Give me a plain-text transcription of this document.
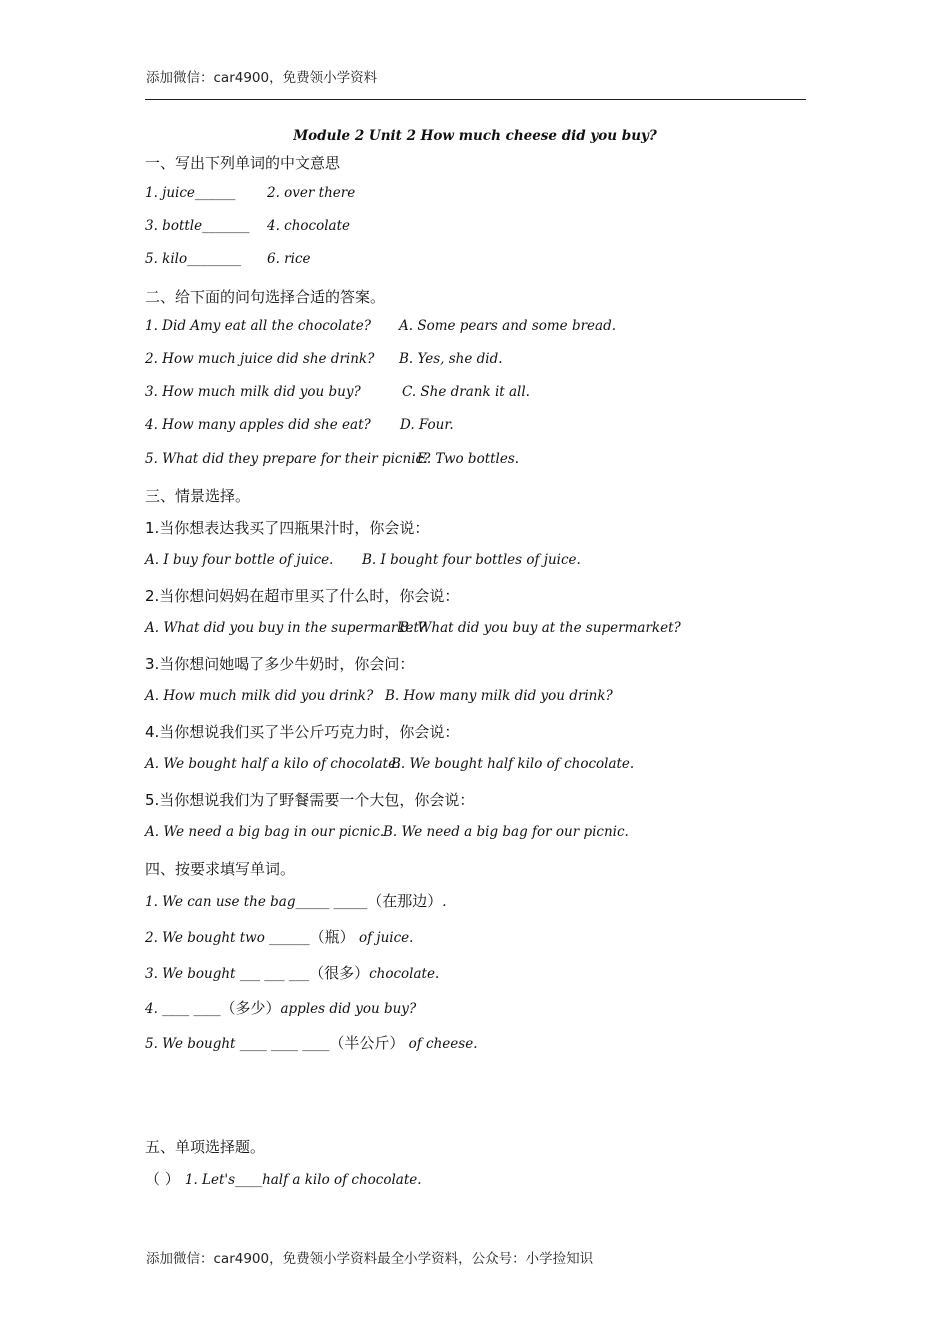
添加微信：car4900，免费领小学资料
Module 2 Unit 2 How much cheese did you buy?
一、写出下列单词的中文意思
1. juice______ 2. over there
3. bottle_______ 4. chocolate
5. kilo________ 6. rice
二、给下面的问句选择合适的答案。
1. Did Amy eat all the chocolate? A. Some pears and some bread.
2. How much juice did she drink? B. Yes, she did.
3. How much milk did you buy?	C. She drank it all.
4. How many apples did she eat? D. Four.
5. What did they prepare for their picnic?
E. Two bottles.
三、情景选择。
1.当你想表达我买了四瓶果汁时，你会说：
A. I buy four bottle of juice. B. I bought four bottles of juice.
2.当你想问妈妈在超市里买了什么时，你会说：
A. What did you buy in the supermarket?
B. What did you buy at the supermarket?
3.当你想问她喝了多少牛奶时，你会问：
A. How much milk did you drink? B. How many milk did you drink?
4.当你想说我们买了半公斤巧克力时，你会说：
A. We bought half a kilo of chocolate.
B. We bought half kilo of chocolate.
5.当你想说我们为了野餐需要一个大包，你会说：
A. We need a big bag in our picnic.
B. We need a big bag for our picnic.
四、按要求填写单词。
1. We can use the bag_____ _____（在那边）.
2. We bought two ______（瓶） of juice.
3. We bought ___ ___ ___（很多）chocolate.
4. ____ ____（多少）apples did you buy?
5. We bought ____ ____ ____（半公斤） of cheese.
五、单项选择题。
（ ） 1. Let's____half a kilo of chocolate.
添加微信：car4900，免费领小学资料最全小学资料，公众号：小学捡知识
